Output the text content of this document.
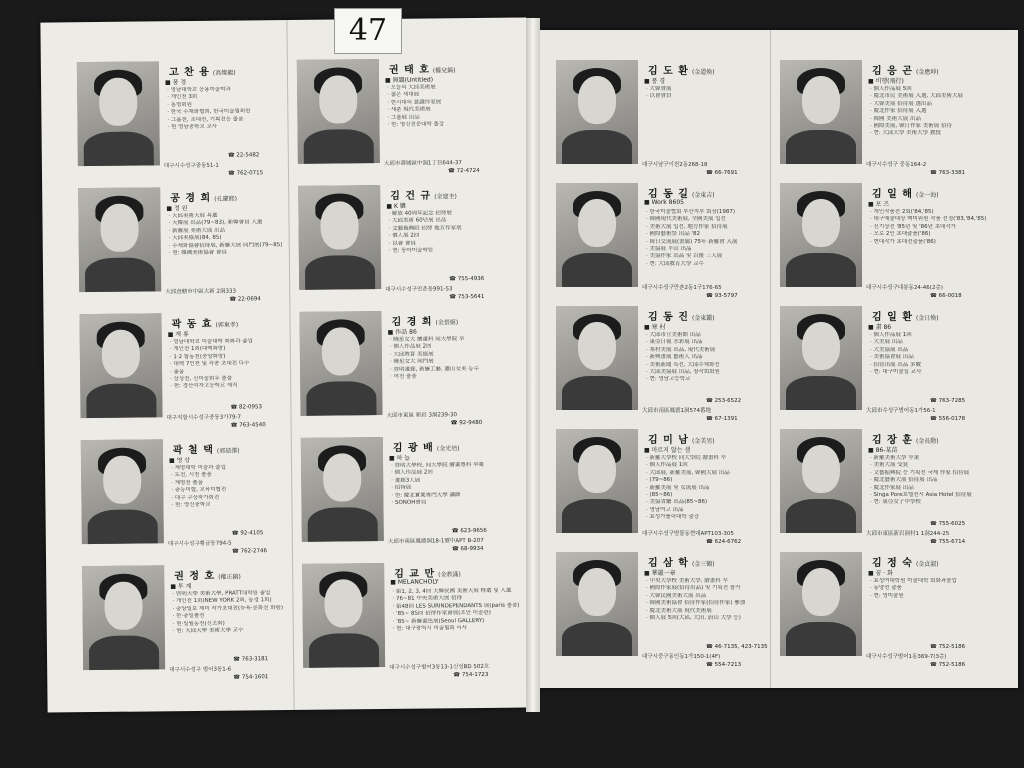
고 찬 용 (高燦龍)
■ 풍 경
· 영남대학교 응용미술학과
· 개인전 3회
· 동명회원
· 한국 수채화협회, 한국미술협회원
· 그룹전, 초대전, 기획전등 출품
· 현 영남중학교 교사
대구시수성구중동51-1
☎ 22-5482
☎ 762-0715
공 경 희 (孔慶熙)
■ 정 원
· 大邱美術大展 특選
· 大韓展 出品(79~83), 新韓會員 入選
· 新羅展 美術大展 出品
· 大邱美協展(84, 85)
· 수채화協會招待展, 新羅大展 同門展(79~85)
· 현: 韓國美術協會 會員
大邱直轄市中區大新 2洞333
☎ 22-0694
곽 동 효 (郭東孝)
■ 계 류
· 영남대학교 미술대학 회화과 졸업
· 개인전 1회(대백화랑)
· 1·2 합동전(중앙화랑)
· 대백 7인전 및 각종 초대전 다수
· 출품
· 상상전, 신미술회우 출품
· 현: 경산여자고등학교 재직
대구직할시수성구중동3가79-7
☎ 82-0953
☎ 763-4540
곽 철 택 (郭喆澤)
■ 영 상
· 계명대학 미술과 졸업
· 도전, 시전 출품
· 계명전 출품
· 중등미협, 교육미협전
· 대구 구상작가회전
· 현: 영신중학교
대구시수성구황금동794-5
☎ 92-4105
☎ 762-2746
권 정 호 (權正鎬)
■ 투 계
· 啓明大學 美術大學, PRATT대학원 졸업
· 개인전 1회(NEW YORK 2회, 동경 1회)
· 중앙일보 제미 작가초대전(뉴욕·문화전 화랑)
· 한·중일출전
· 현·일월농전(신조회)
· 현: 大邱大學 美術大學 교수
대구시수성구 범어3동1-6
☎ 763-3181
☎ 754-1601
권 태 호 (權兌鎬)
■ 無題(Untitled)
· 오늘의 大邱美術展
· 젊은 세대展
· 현시대의 意識作家展
· 새춘 現代美術展
· 그룹展 出品
· 현: 영신전문대학 출강
大邱市壽城區中洞1丁目644-37
☎ 72-4724
김 건 규 (金建圭)
■ K 孃
· 解放 40周年記念 招待展
· 大邱美術 60년展 出品
· 文藝振興院 招待 地方作家展
· 個人展 2回
· 以會 會員
· 현: 동아미술학원
대구시수성구만촌동991-53
☎ 755-4936
☎ 753-5641
김 경 희 (金景姬)
■ 作品 86
· 曉星女大 繪畫科 同大學院 卒
· 個人作品展 2回
· 大邱教育 美協展
· 曉星女大 同門展
· 啓明畫廊, 新羅工藝, 靈山女美 등수
· 여전 출품
大邱市東區 新岩 3洞239-30
☎ 92-9480
김 광 배 (金光培)
■ 하 늘
· 啓明大學校, 同大學院 繪畫專科 卒業
· 個人作品展 2回
· 畫廊3人展
· 招待展
· 현: 慶北實業專門大學 講師
· SONOH會員
大邱市南區鳳德洞18-1號中APT B-207
☎ 623-9656
☎ 68-9934
김 교 만 (金教滿)
■ MELANCHOLY
· 第1, 2, 3, 4回 大韓民國 美術大展 特選 및 入選
· 76~81 中央美術大展 招待
· 第48回 LES SURINDEPENDANTS 展(paris 출품)
· '85~ 85回 招待作家會展(조안 미술관)
· '85~ 新羅畫色展(Seoul GALLERY)
· 현: 대구광역시 미술협회 이사
대구시수성구범어3동13-1신성BD 502호
☎ 754-1723
김 도 환 (金道煥)
■ 풍 경
· 大韓會展
· 以會會員
대구시남구이천2동268-18
☎ 66-7691
김 동 길 (金東吉)
■ Work 8605
· 한국미술협회 부산지부 회장(1987)
· 韓國現代美術展, 全國美展 입선
· 美術大展 입선, 地方作家 招待展
· 國際藝術祭 出品 '82
· 韓日交流展(畫廊) 75年 新羅會 入展
· 美協展 平山 出品
· 美協作家 出品 및 以後 三人展
· 현: 大邱教育大學 교수
대구시수성구만촌2동1구176-65
☎ 93-5797
김 동 진 (金東鎭)
■ 寒 村
· 大邱市立美術館 出品
· 東亞日報 水彩展 出品
· 寒村美展 出品, 現代美術展
· 新興畫展 藝術人 出品
· 美術新聞 특선, 大邱수채화전
· 大邱美協展 出品, 창작회회원
· 현: 영남고등학교
大邱市南區鳳德1洞574番地
☎ 253-6522
☎ 67-1391
김 미 남 (金美男)
■ 마르지 않는 샘
· 新羅大學校 同大學院 繪畫科 卒
· 個人作品展 1回
· 大邱展, 新羅美展, 韓國大展 出品
· (79~86)
· 新羅美展 및 女流展 出品
· (85~86)
· 美協省廳 出品(85~86)
· 영남여고 出品
· 효성가톨릭대학 출강
대구시수성구범물동현대APT103-305
☎ 624-6762
김 삼 학 (金三鶴)
■ 華嚴一章
· 中央大學校 美術大學, 繪畫科 卒
· 國際作家展(招待出品) 및 기획전 참가
· 大韓民國美術大展 出品
· 韓國美術協會 招待作家(招待作家) 參加
· 慶北美術大展 現代美術展
· 個人展 5回(大邱, 大田, 蔚山 大學 등)
대구시중구동인동1가150-1(4F)
☎ 46-7135, 423-7135
☎ 554-7213
김 응 곤 (金應坤)
■ 비행(飛行)
· 個人作品展 5回
· 慶北市民 美術展 入選, 大邱美術大展
· 大韓美展 招待展 選出品
· 慶北作家 招待展 入選
· 韓國 美術大展 出品
· 國際美展, 韓日作家 美術展 招待
· 현: 大邱大學 美術大學 教授
대구시수성구 중동164-2
☎ 763-3381
김 일 해 (金一海)
■ 포 즈
· 개인작품전 2회('84,'85)
· 대구예술대상 백미위원 작품 선정('83,'84,'85)
· 신기상전 '85년 및 '86년 초대작가
· 오로 2인 초대출품('86)
· 현대작가 초대전출품('86)
대구시수성구대봉동24-46(2층)
☎ 66-0018
김 일 환 (金日煥)
■ 畫 86
· 個人作品展 1回
· 大美展 出品
· 大美協展 出品
· 美術協會展 出品
· 招待出展 出品 多數
· 현: 대구미술실 교사
大邱市수성구범어동1가56-1
☎ 763-7285
☎ 556-0178
김 장 훈 (金長勳)
■ 86-某苗
· 新羅美術大學 卒業
· 美術大展 受賞
· 文藝振興院 등 기획전 국제 作家 招待展
· 慶北藝術大展 招待展 出品
· 慶北作家展 出品
· Singa Pore호텔전시 Asia Hotel 招待展
· 현: 東亞女子中學校
大邱市東區新岩洞村1 1洞244-25
☎ 755-6025
☎ 755-6714
김 정 숙 (金貞淑)
■ 꿈 · 화
· 효성여대학원 미술대학 회화과졸업
· 동양전 출품
· 현: 영미술원
대구시수성구범어1동369-7(3층)
☎ 752-5186
☎ 752-5186
47
